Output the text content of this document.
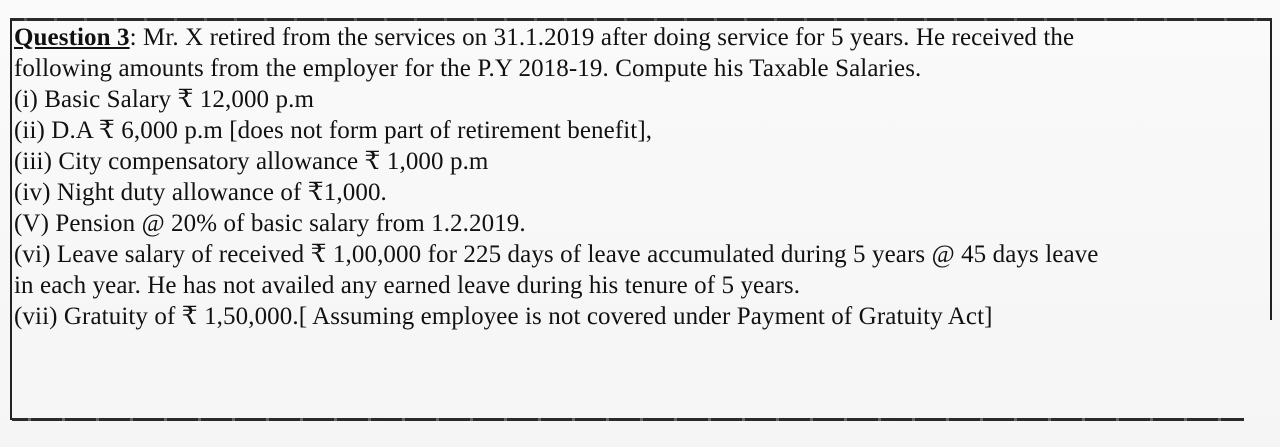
Question 3: Mr. X retired from the services on 31.1.2019 after doing service for 5 years. He received the
following amounts from the employer for the P.Y 2018-19. Compute his Taxable Salaries.
(i) Basic Salary ₹ 12,000 p.m
(ii) D.A ₹ 6,000 p.m [does not form part of retirement benefit],
(iii) City compensatory allowance ₹ 1,000 p.m
(iv) Night duty allowance of ₹1,000.
(V) Pension @ 20% of basic salary from 1.2.2019.
(vi) Leave salary of received ₹ 1,00,000 for 225 days of leave accumulated during 5 years @ 45 days leave
in each year. He has not availed any earned leave during his tenure of 5 years.
(vii) Gratuity of ₹ 1,50,000.[ Assuming employee is not covered under Payment of Gratuity Act]
